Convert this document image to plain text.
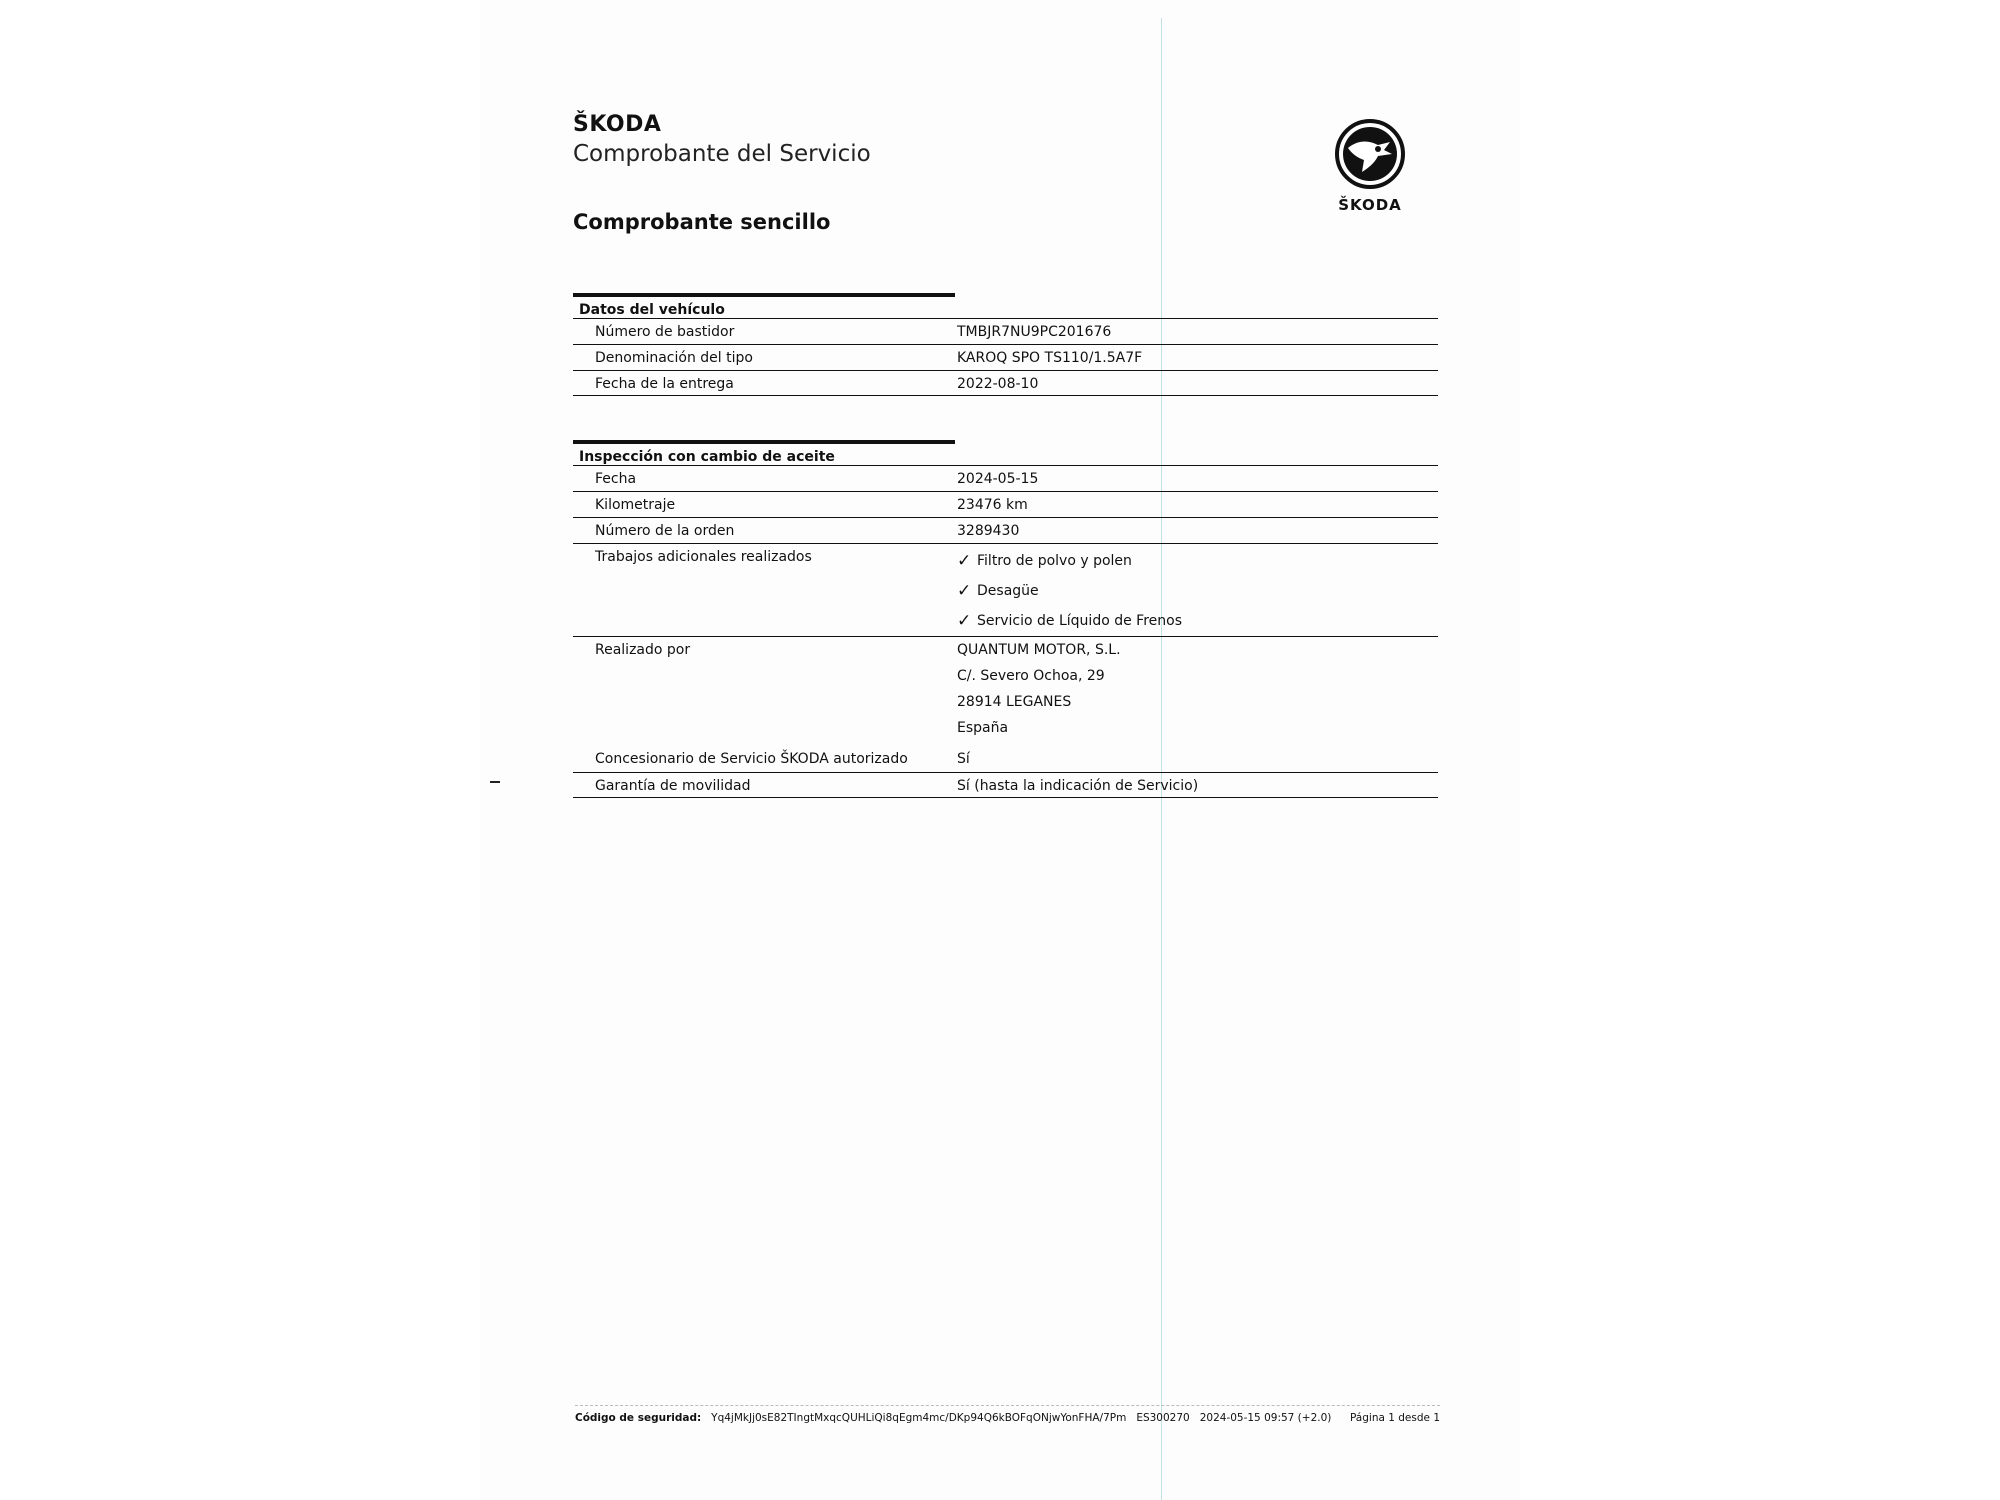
ŠKODA
Comprobante del Servicio
Comprobante sencillo
ŠKODA
Datos del vehículo
Número de bastidor	TMBJR7NU9PC201676
Denominación del tipo	KAROQ SPO TS110/1.5A7F
Fecha de la entrega	2022-08-10
Inspección con cambio de aceite
Fecha	2024-05-15
Kilometraje	23476 km
Número de la orden	3289430
Trabajos adicionales realizados	✓ Filtro de polvo y polen
✓ Desagüe
✓ Servicio de Líquido de Frenos
Realizado por	QUANTUM MOTOR, S.L.
C/. Severo Ochoa, 29
28914 LEGANES
España
Concesionario de Servicio ŠKODA autorizado	Sí
Garantía de movilidad	Sí (hasta la indicación de Servicio)
Código de seguridad: Yq4jMkJj0sE82TIngtMxqcQUHLiQi8qEgm4mc/DKp94Q6kBOFqONjwYonFHA/7Pm ES300270 2024-05-15 09:57 (+2.0) Página 1 desde 1
